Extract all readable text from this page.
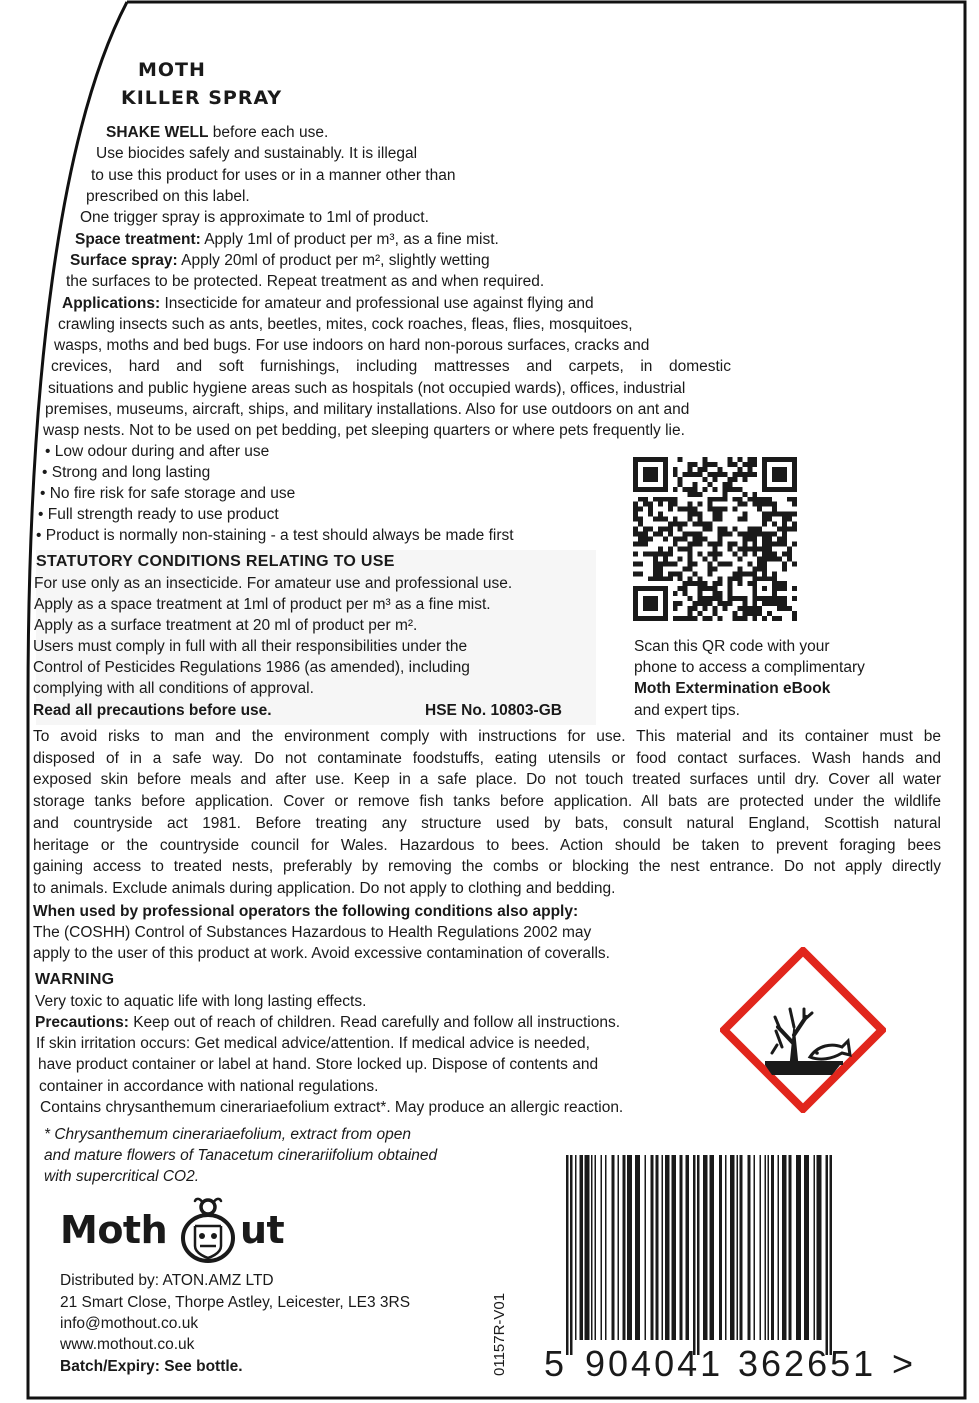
MOTH
KILLER SPRAY
SHAKE WELL before each use.
Use biocides safely and sustainably. It is illegal
to use this product for uses or in a manner other than
prescribed on this label.
One trigger spray is approximate to 1ml of product.
Space treatment: Apply 1ml of product per m³, as a fine mist.
Surface spray: Apply 20ml of product per m², slightly wetting
the surfaces to be protected. Repeat treatment as and when required.
Applications: Insecticide for amateur and professional use against flying and
crawling insects such as ants, beetles, mites, cock roaches, fleas, flies, mosquitoes,
wasps, moths and bed bugs. For use indoors on hard non-porous surfaces, cracks and
crevices, hard and soft furnishings, including mattresses and carpets, in domestic
situations and public hygiene areas such as hospitals (not occupied wards), offices, industrial
premises, museums, aircraft, ships, and military installations. Also for use outdoors on ant and
wasp nests. Not to be used on pet bedding, pet sleeping quarters or where pets frequently lie.
• Low odour during and after use
• Strong and long lasting
• No fire risk for safe storage and use
• Full strength ready to use product
• Product is normally non-staining - a test should always be made first
STATUTORY CONDITIONS RELATING TO USE
For use only as an insecticide. For amateur use and professional use.
Apply as a space treatment at 1ml of product per m³ as a fine mist.
Apply as a surface treatment at 20 ml of product per m².
Users must comply in full with all their responsibilities under the
Control of Pesticides Regulations 1986 (as amended), including
complying with all conditions of approval.
Read all precautions before use.	HSE No. 10803-GB
Scan this QR code with your
phone to access a complimentary
Moth Extermination eBook
and expert tips.
To avoid risks to man and the environment comply with instructions for use. This material and its container must be
disposed of in a safe way. Do not contaminate foodstuffs, eating utensils or food contact surfaces. Wash hands and
exposed skin before meals and after use. Keep in a safe place. Do not touch treated surfaces until dry. Cover all water
storage tanks before application. Cover or remove fish tanks before application. All bats are protected under the wildlife
and countryside act 1981. Before treating any structure used by bats, consult natural England, Scottish natural
heritage or the countryside council for Wales. Hazardous to bees. Action should be taken to prevent foraging bees
gaining access to treated nests, preferably by removing the combs or blocking the nest entrance. Do not apply directly
to animals. Exclude animals during application. Do not apply to clothing and bedding.
When used by professional operators the following conditions also apply:
The (COSHH) Control of Substances Hazardous to Health Regulations 2002 may
apply to the user of this product at work. Avoid excessive contamination of coveralls.
WARNING
Very toxic to aquatic life with long lasting effects.
Precautions: Keep out of reach of children. Read carefully and follow all instructions.
If skin irritation occurs: Get medical advice/attention. If medical advice is needed,
have product container or label at hand. Store locked up. Dispose of contents and
container in accordance with national regulations.
Contains chrysanthemum cinerariaefolium extract*. May produce an allergic reaction.
* Chrysanthemum cinerariaefolium, extract from open
and mature flowers of Tanacetum cinerariifolium obtained
with supercritical CO2.
Moth ut
Distributed by: ATON.AMZ LTD
21 Smart Close, Thorpe Astley, Leicester, LE3 3RS
info@mothout.co.uk
www.mothout.co.uk
Batch/Expiry: See bottle.	01157R-V01 5 904041 362651 >
